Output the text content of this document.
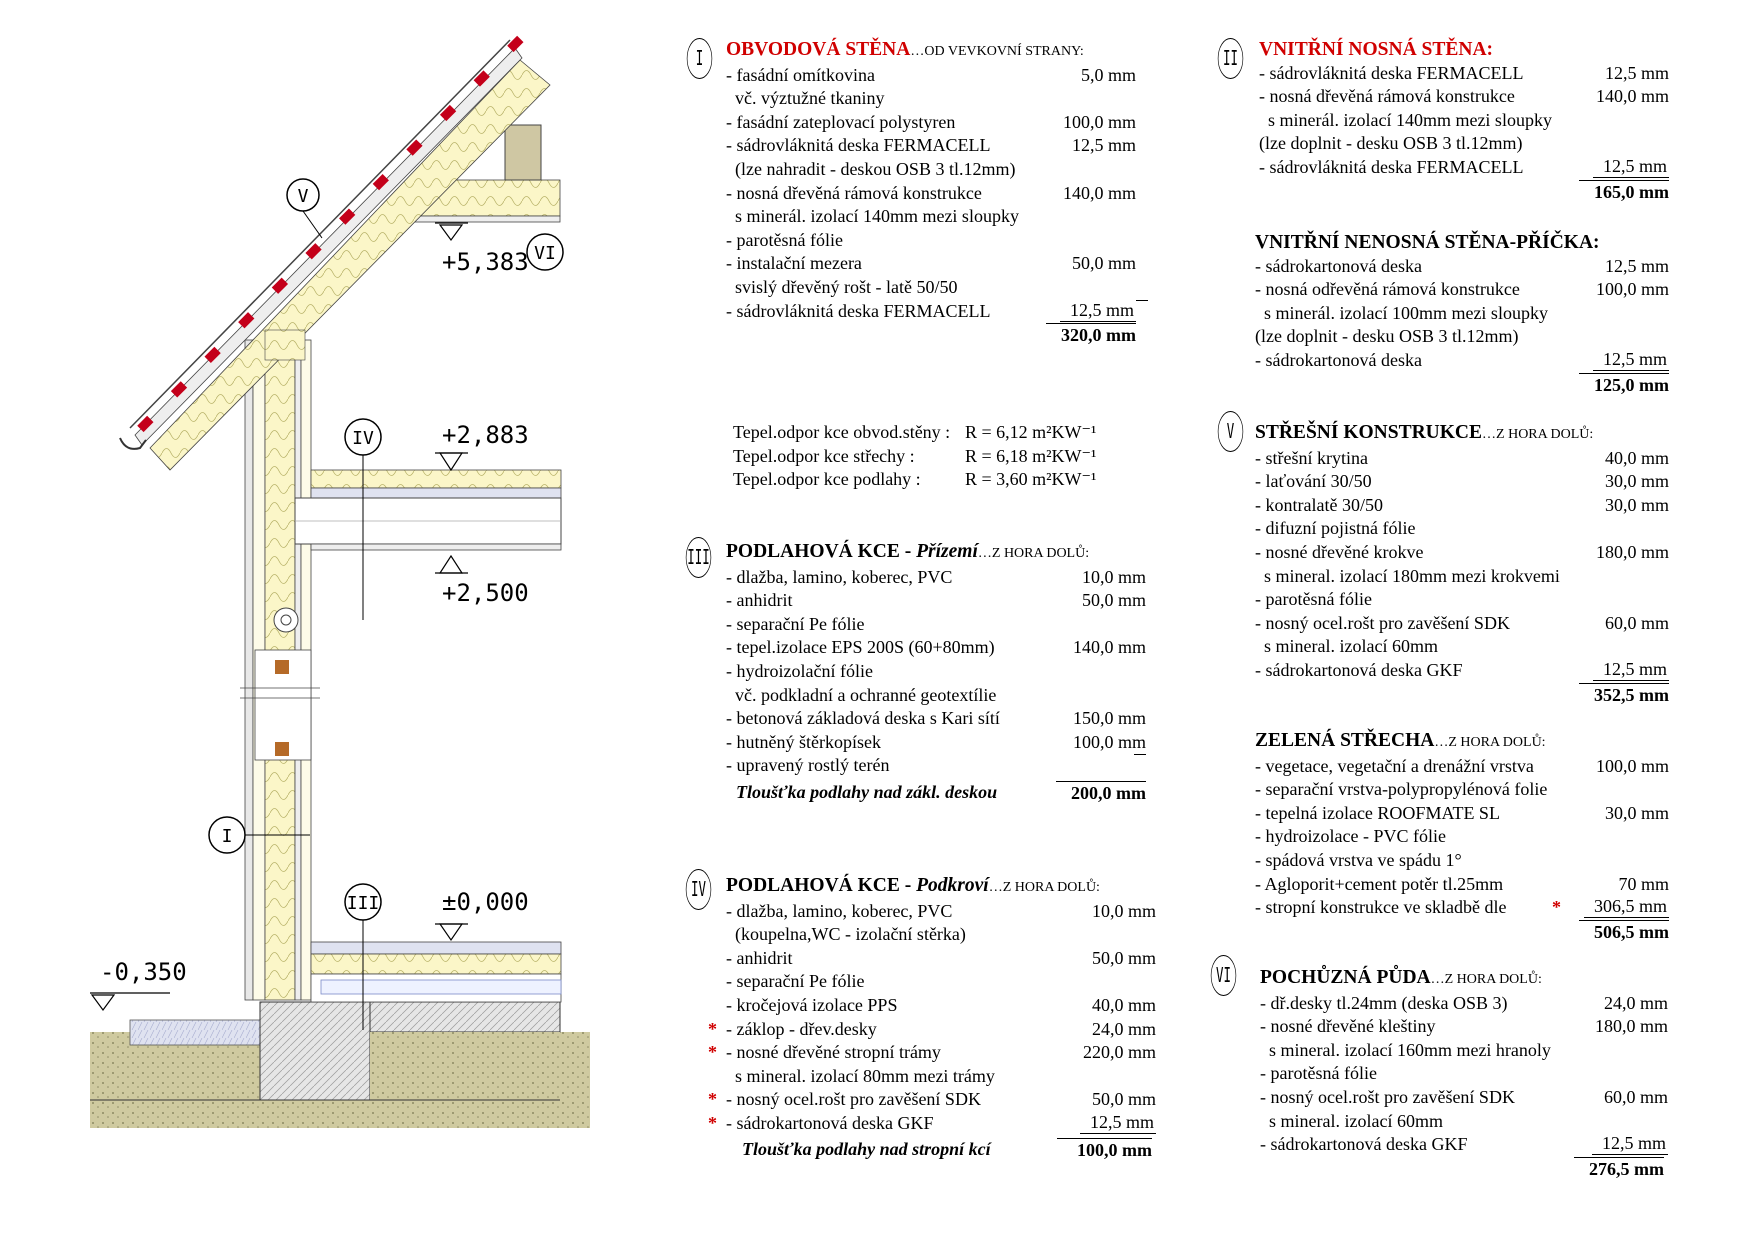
V
VI
IV
I
III
+5,383
+2,883
+2,500
±0,000
-0,350
I	OBVODOVÁ STĚNA…OD VEVKOVNÍ STRANY:
- fasádní omítkovina	5,0 mm
vč. výztužné tkaniny
- fasádní zateplovací polystyren	100,0 mm
- sádrovláknitá deska FERMACELL	12,5 mm
(lze nahradit - deskou OSB 3 tl.12mm)
- nosná dřevěná rámová konstrukce	140,0 mm
s minerál. izolací 140mm mezi sloupky
- parotěsná fólie
- instalační mezera	50,0 mm
svislý dřevěný rošt - latě 50/50
- sádrovláknitá deska FERMACELL	12,5 mm
320,0 mm
Tepel.odpor kce obvod.stěny : R = 6,12 m²KW⁻¹
Tepel.odpor kce střechy :	R = 6,18 m²KW⁻¹
Tepel.odpor kce podlahy : R = 3,60 m²KW⁻¹
III PODLAHOVÁ KCE - Přízemí…Z HORA DOLŮ:
- dlažba, lamino, koberec, PVC	10,0 mm
- anhidrit	50,0 mm
- separační Pe fólie
- tepel.izolace EPS 200S (60+80mm)	140,0 mm
- hydroizolační fólie
vč. podkladní a ochranné geotextílie
- betonová základová deska s Kari sítí	150,0 mm
- hutněný štěrkopísek	100,0 mm
- upravený rostlý terén
Tloušťka podlahy nad zákl. deskou	200,0 mm
IV PODLAHOVÁ KCE - Podkroví…Z HORA DOLŮ:
- dlažba, lamino, koberec, PVC	10,0 mm
(koupelna,WC - izolační stěrka)
- anhidrit	50,0 mm
- separační Pe fólie
- kročejová izolace PPS	40,0 mm
- záklop - dřev.desky	24,0 mm
*
- nosné dřevěné stropní trámy	220,0 mm
*
s mineral. izolací 80mm mezi trámy
- nosný ocel.rošt pro zavěšení SDK	50,0 mm
*
- sádrokartonová deska GKF	12,5 mm
*
Tloušťka podlahy nad stropní kcí	100,0 mm
II VNITŘNÍ NOSNÁ STĚNA:
- sádrovláknitá deska FERMACELL	12,5 mm
- nosná dřevěná rámová konstrukce	140,0 mm
s minerál. izolací 140mm mezi sloupky
(lze doplnit - desku OSB 3 tl.12mm)
- sádrovláknitá deska FERMACELL	12,5 mm
165,0 mm
VNITŘNÍ NENOSNÁ STĚNA-PŘÍČKA:
- sádrokartonová deska	12,5 mm
- nosná odřevěná rámová konstrukce	100,0 mm
s minerál. izolací 100mm mezi sloupky
(lze doplnit - desku OSB 3 tl.12mm)
- sádrokartonová deska	12,5 mm
125,0 mm
V	STŘEŠNÍ KONSTRUKCE…Z HORA DOLŮ:
- střešní krytina	40,0 mm
- laťování 30/50	30,0 mm
- kontralatě 30/50	30,0 mm
- difuzní pojistná fólie
- nosné dřevěné krokve	180,0 mm
s mineral. izolací 180mm mezi krokvemi
- parotěsná fólie
- nosný ocel.rošt pro zavěšení SDK	60,0 mm
s mineral. izolací 60mm
- sádrokartonová deska GKF	12,5 mm
352,5 mm
ZELENÁ STŘECHA…Z HORA DOLŮ:
- vegetace, vegetační a drenážní vrstva	100,0 mm
- separační vrstva-polypropylénová folie
- tepelná izolace ROOFMATE SL	30,0 mm
- hydroizolace - PVC fólie
- spádová vrstva ve spádu 1°
- Agloporit+cement potěr tl.25mm	70 mm
- stropní konstrukce ve skladbě dle	306,5 mm
*
506,5 mm
VI POCHŮZNÁ PŮDA…Z HORA DOLŮ:
- dř.desky tl.24mm (deska OSB 3)	24,0 mm
- nosné dřevěné kleštiny	180,0 mm
s mineral. izolací 160mm mezi hranoly
- parotěsná fólie
- nosný ocel.rošt pro zavěšení SDK	60,0 mm
s mineral. izolací 60mm
- sádrokartonová deska GKF	12,5 mm
276,5 mm
